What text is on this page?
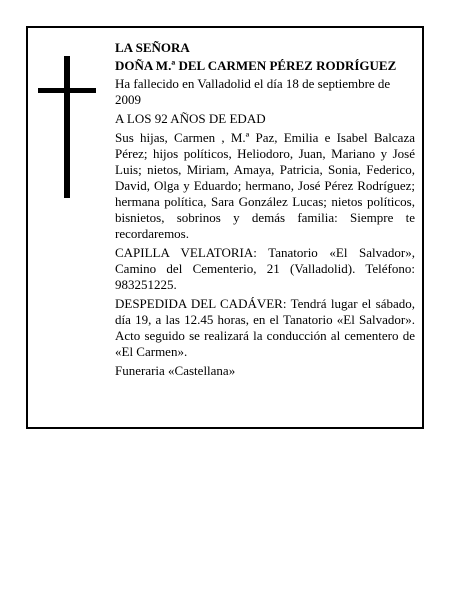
LA SEÑORA

DOÑA M.ª DEL CARMEN PÉREZ RODRÍGUEZ

Ha fallecido en Valladolid el día 18 de septiembre de 2009

A LOS 92 AÑOS DE EDAD

Sus hijas, Carmen , M.ª Paz, Emilia e Isabel Balcaza Pérez; hijos políticos, Heliodoro, Juan, Mariano y José Luis; nietos, Miriam, Amaya, Patricia, Sonia, Federico, David, Olga y Eduardo; hermano, José Pérez Rodríguez; hermana política, Sara González Lucas; nietos políticos, bisnietos, sobrinos y demás familia: Siempre te recordaremos.

CAPILLA VELATORIA: Tanatorio «El Salvador», Camino del Cementerio, 21 (Valladolid). Teléfono: 983251225.

DESPEDIDA DEL CADÁVER: Tendrá lugar el sábado, día 19, a las 12.45 horas, en el Tanatorio «El Salvador». Acto seguido se realizará la conducción al cementero de «El Carmen».

Funeraria «Castellana»
